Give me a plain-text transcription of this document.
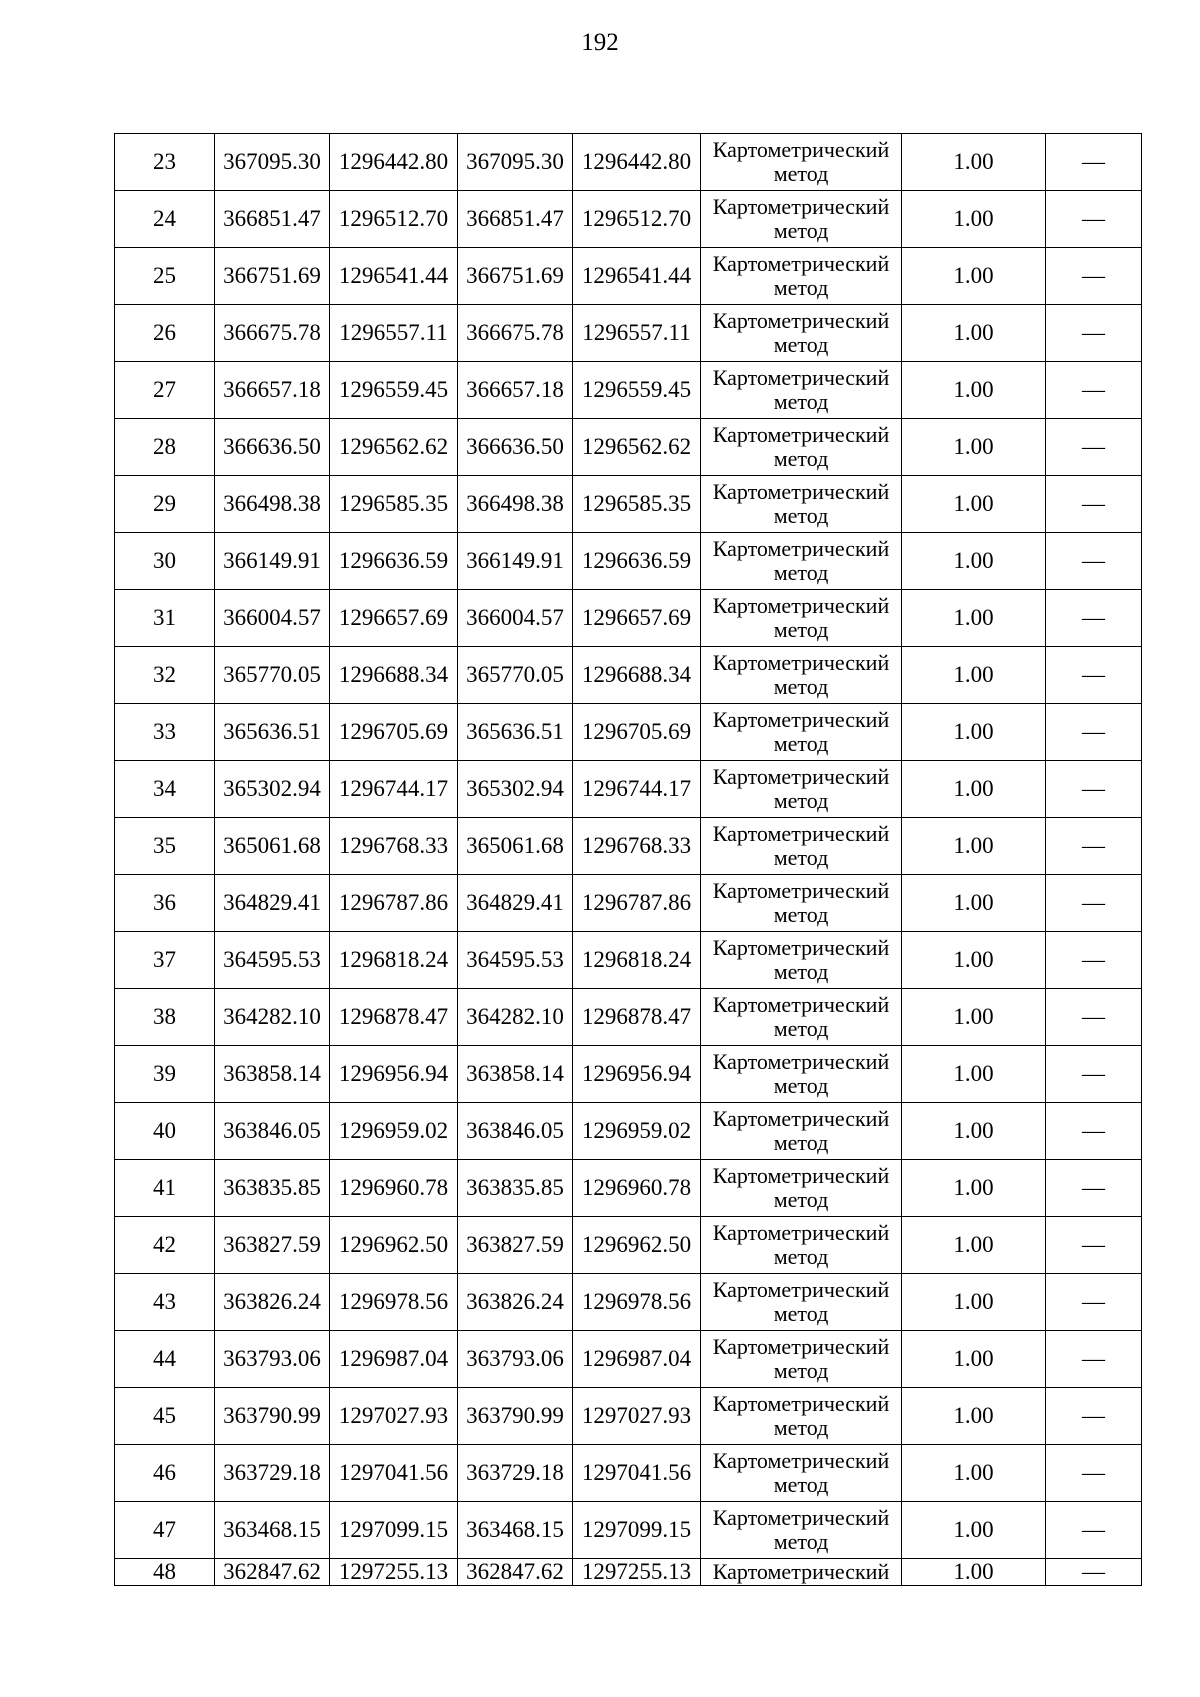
192
23	367095.30	1296442.80	367095.30	1296442.80	Картометрический метод	1.00	—
24	366851.47	1296512.70	366851.47	1296512.70	Картометрический метод	1.00	—
25	366751.69	1296541.44	366751.69	1296541.44	Картометрический метод	1.00	—
26	366675.78	1296557.11	366675.78	1296557.11	Картометрический метод	1.00	—
27	366657.18	1296559.45	366657.18	1296559.45	Картометрический метод	1.00	—
28	366636.50	1296562.62	366636.50	1296562.62	Картометрический метод	1.00	—
29	366498.38	1296585.35	366498.38	1296585.35	Картометрический метод	1.00	—
30	366149.91	1296636.59	366149.91	1296636.59	Картометрический метод	1.00	—
31	366004.57	1296657.69	366004.57	1296657.69	Картометрический метод	1.00	—
32	365770.05	1296688.34	365770.05	1296688.34	Картометрический метод	1.00	—
33	365636.51	1296705.69	365636.51	1296705.69	Картометрический метод	1.00	—
34	365302.94	1296744.17	365302.94	1296744.17	Картометрический метод	1.00	—
35	365061.68	1296768.33	365061.68	1296768.33	Картометрический метод	1.00	—
36	364829.41	1296787.86	364829.41	1296787.86	Картометрический метод	1.00	—
37	364595.53	1296818.24	364595.53	1296818.24	Картометрический метод	1.00	—
38	364282.10	1296878.47	364282.10	1296878.47	Картометрический метод	1.00	—
39	363858.14	1296956.94	363858.14	1296956.94	Картометрический метод	1.00	—
40	363846.05	1296959.02	363846.05	1296959.02	Картометрический метод	1.00	—
41	363835.85	1296960.78	363835.85	1296960.78	Картометрический метод	1.00	—
42	363827.59	1296962.50	363827.59	1296962.50	Картометрический метод	1.00	—
43	363826.24	1296978.56	363826.24	1296978.56	Картометрический метод	1.00	—
44	363793.06	1296987.04	363793.06	1296987.04	Картометрический метод	1.00	—
45	363790.99	1297027.93	363790.99	1297027.93	Картометрический метод	1.00	—
46	363729.18	1297041.56	363729.18	1297041.56	Картометрический метод	1.00	—
47	363468.15	1297099.15	363468.15	1297099.15	Картометрический метод	1.00	—
48	362847.62	1297255.13	362847.62	1297255.13	Картометрический	1.00	—
